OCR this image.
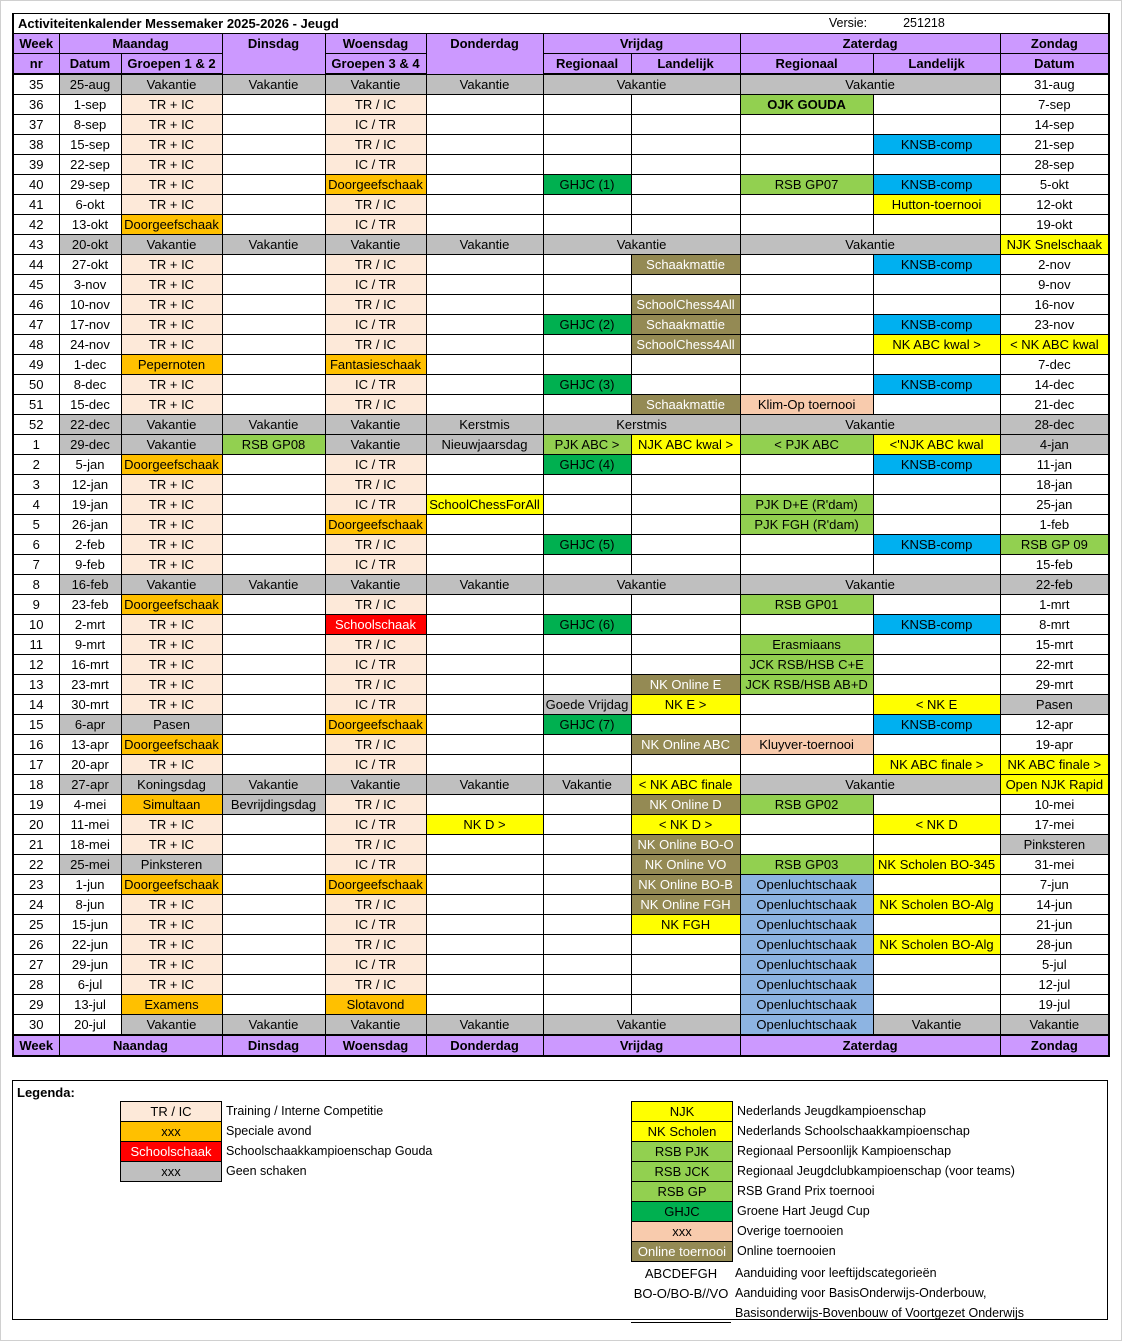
Activiteitenkalender Messemaker 2025-2026 - Jeugd								Versie:	251218	
Week	Maandag		Dinsdag	Woensdag	Donderdag	Vrijdag		Zaterdag		Zondag
nr	Datum	Groepen 1 & 2		Groepen 3 & 4		Regionaal	Landelijk	Regionaal	Landelijk	Datum
35	25-aug	Vakantie	Vakantie	Vakantie	Vakantie	Vakantie		Vakantie		31-aug
36	1-sep	TR + IC		TR / IC				OJK GOUDA		7-sep
37	8-sep	TR + IC		IC / TR						14-sep
38	15-sep	TR + IC		TR / IC					KNSB-comp	21-sep
39	22-sep	TR + IC		IC / TR						28-sep
40	29-sep	TR + IC		Doorgeefschaak		GHJC (1)		RSB GP07	KNSB-comp	5-okt
41	6-okt	TR + IC		TR / IC					Hutton-toernooi	12-okt
42	13-okt	Doorgeefschaak		IC / TR						19-okt
43	20-okt	Vakantie	Vakantie	Vakantie	Vakantie	Vakantie		Vakantie		NJK Snelschaak
44	27-okt	TR + IC		TR / IC			Schaakmattie		KNSB-comp	2-nov
45	3-nov	TR + IC		IC / TR						9-nov
46	10-nov	TR + IC		TR / IC			SchoolChess4All			16-nov
47	17-nov	TR + IC		IC / TR		GHJC (2)	Schaakmattie		KNSB-comp	23-nov
48	24-nov	TR + IC		TR / IC			SchoolChess4All		NK ABC kwal >	< NK ABC kwal
49	1-dec	Pepernoten		Fantasieschaak						7-dec
50	8-dec	TR + IC		IC / TR		GHJC (3)			KNSB-comp	14-dec
51	15-dec	TR + IC		TR / IC			Schaakmattie	Klim-Op toernooi		21-dec
52	22-dec	Vakantie	Vakantie	Vakantie	Kerstmis	Kerstmis		Vakantie		28-dec
1	29-dec	Vakantie	RSB GP08	Vakantie	Nieuwjaarsdag	PJK ABC >	NJK ABC kwal >	< PJK ABC	<'NJK ABC kwal	4-jan
2	5-jan	Doorgeefschaak		IC / TR		GHJC (4)			KNSB-comp	11-jan
3	12-jan	TR + IC		TR / IC						18-jan
4	19-jan	TR + IC		IC / TR	SchoolChessForAll			PJK D+E (R'dam)		25-jan
5	26-jan	TR + IC		Doorgeefschaak				PJK FGH (R'dam)		1-feb
6	2-feb	TR + IC		TR / IC		GHJC (5)			KNSB-comp	RSB GP 09
7	9-feb	TR + IC		IC / TR						15-feb
8	16-feb	Vakantie	Vakantie	Vakantie	Vakantie	Vakantie		Vakantie		22-feb
9	23-feb	Doorgeefschaak		TR / IC				RSB GP01		1-mrt
10	2-mrt	TR + IC		Schoolschaak		GHJC (6)			KNSB-comp	8-mrt
11	9-mrt	TR + IC		TR / IC				Erasmiaans		15-mrt
12	16-mrt	TR + IC		IC / TR				JCK RSB/HSB C+E		22-mrt
13	23-mrt	TR + IC		TR / IC			NK Online E	JCK RSB/HSB AB+D		29-mrt
14	30-mrt	TR + IC		IC / TR		Goede Vrijdag	NK E >		< NK E	Pasen
15	6-apr	Pasen		Doorgeefschaak		GHJC (7)			KNSB-comp	12-apr
16	13-apr	Doorgeefschaak		TR / IC			NK Online ABC	Kluyver-toernooi		19-apr
17	20-apr	TR + IC		IC / TR					NK ABC finale >	NK ABC finale >
18	27-apr	Koningsdag	Vakantie	Vakantie	Vakantie	Vakantie	< NK ABC finale	Vakantie		Open NJK Rapid
19	4-mei	Simultaan	Bevrijdingsdag	TR / IC			NK Online D	RSB GP02		10-mei
20	11-mei	TR + IC		IC / TR	NK D >		< NK D >		< NK D	17-mei
21	18-mei	TR + IC		TR / IC			NK Online BO-O			Pinksteren
22	25-mei	Pinksteren		IC / TR			NK Online VO	RSB GP03	NK Scholen BO-345	31-mei
23	1-jun	Doorgeefschaak		Doorgeefschaak			NK Online BO-B	Openluchtschaak		7-jun
24	8-jun	TR + IC		TR / IC			NK Online FGH	Openluchtschaak	NK Scholen BO-Alg	14-jun
25	15-jun	TR + IC		IC / TR			NK FGH	Openluchtschaak		21-jun
26	22-jun	TR + IC		TR / IC				Openluchtschaak	NK Scholen BO-Alg	28-jun
27	29-jun	TR + IC		IC / TR				Openluchtschaak		5-jul
28	6-jul	TR + IC		TR / IC				Openluchtschaak		12-jul
29	13-jul	Examens		Slotavond				Openluchtschaak		19-jul
30	20-jul	Vakantie	Vakantie	Vakantie	Vakantie	Vakantie		Openluchtschaak	Vakantie	Vakantie
Week	Naandag		Dinsdag	Woensdag	Donderdag	Vrijdag		Zaterdag		Zondag
Legenda:
TR / IC	Training / Interne Competitie
xxx	Speciale avond
Schoolschaak	Schoolschaakkampioenschap Gouda
xxx	Geen schaken
NJK	Nederlands Jeugdkampioenschap
NK Scholen	Nederlands Schoolschaakkampioenschap
RSB PJK	Regionaal Persoonlijk Kampioenschap
RSB JCK	Regionaal Jeugdclubkampioenschap (voor teams)
RSB GP	RSB Grand Prix toernooi
GHJC	Groene Hart Jeugd Cup
xxx	Overige toernooien
Online toernooi Online toernooien
ABCDEFGH	Aanduiding voor leeftijdscategorieën
BO-O/BO-B//VO Aanduiding voor BasisOnderwijs-Onderbouw,
Basisonderwijs-Bovenbouw of Voortgezet Onderwijs
